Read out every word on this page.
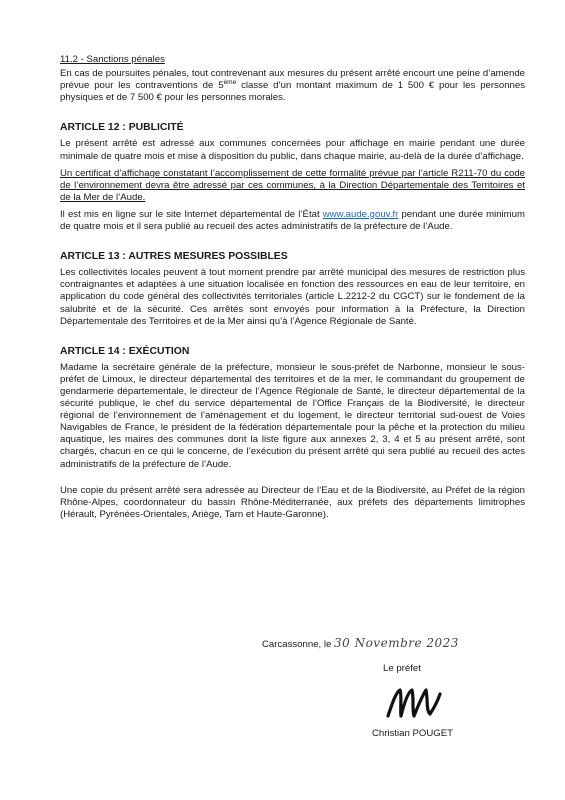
11.2 - Sanctions pénales

En cas de poursuites pénales, tout contrevenant aux mesures du présent arrêté encourt une peine d’amende prévue pour les contraventions de 5ème classe d’un montant maximum de 1 500 € pour les personnes physiques et de 7 500 € pour les personnes morales.

ARTICLE 12 : PUBLICITÉ

Le présent arrêté est adressé aux communes concernées pour affichage en mairie pendant une durée minimale de quatre mois et mise à disposition du public, dans chaque mairie, au-delà de la durée d’affichage.

Un certificat d’affichage constatant l’accomplissement de cette formalité prévue par l’article R211-70 du code de l’environnement devra être adressé par ces communes, à la Direction Départementale des Territoires et de la Mer de l’Aude.

Il est mis en ligne sur le site Internet départemental de l’État www.aude.gouv.fr pendant une durée minimum de quatre mois et il sera publié au recueil des actes administratifs de la préfecture de l’Aude.

ARTICLE 13 : AUTRES MESURES POSSIBLES

Les collectivités locales peuvent à tout moment prendre par arrêté municipal des mesures de restriction plus contraignantes et adaptées à une situation localisée en fonction des ressources en eau de leur territoire, en application du code général des collectivités territoriales (article L.2212-2 du CGCT) sur le fondement de la salubrité et de la sécurité. Ces arrêtés sont envoyés pour information à la Préfecture, la Direction Départementale des Territoires et de la Mer ainsi qu’à l’Agence Régionale de Santé.

ARTICLE 14 : EXÉCUTION

Madame la secrétaire générale de la préfecture, monsieur le sous-préfet de Narbonne, monsieur le sous-préfet de Limoux, le directeur départemental des territoires et de la mer, le commandant du groupement de gendarmerie départementale, le directeur de l’Agence Régionale de Santé, le directeur départemental de la sécurité publique, le chef du service départemental de l’Office Français de la Biodiversité, le directeur régional de l’environnement de l’aménagement et du logement, le directeur territorial sud-ouest de Voies Navigables de France, le président de la fédération départementale pour la pêche et la protection du milieu aquatique, les maires des communes dont la liste figure aux annexes 2, 3, 4 et 5 au présent arrêté, sont chargés, chacun en ce qui le concerne, de l’exécution du présent arrêté qui sera publié au recueil des actes administratifs de la préfecture de l’Aude.

Une copie du présent arrêté sera adressée au Directeur de l’Eau et de la Biodiversité, au Préfet de la région Rhône-Alpes, coordonnateur du bassin Rhône-Méditerranée, aux préfets des départements limitrophes (Hérault, Pyrénées-Orientales, Ariège, Tarn et Haute-Garonne).

Carcassonne, le 30 Novembre 2023
Le préfet
Christian POUGET
